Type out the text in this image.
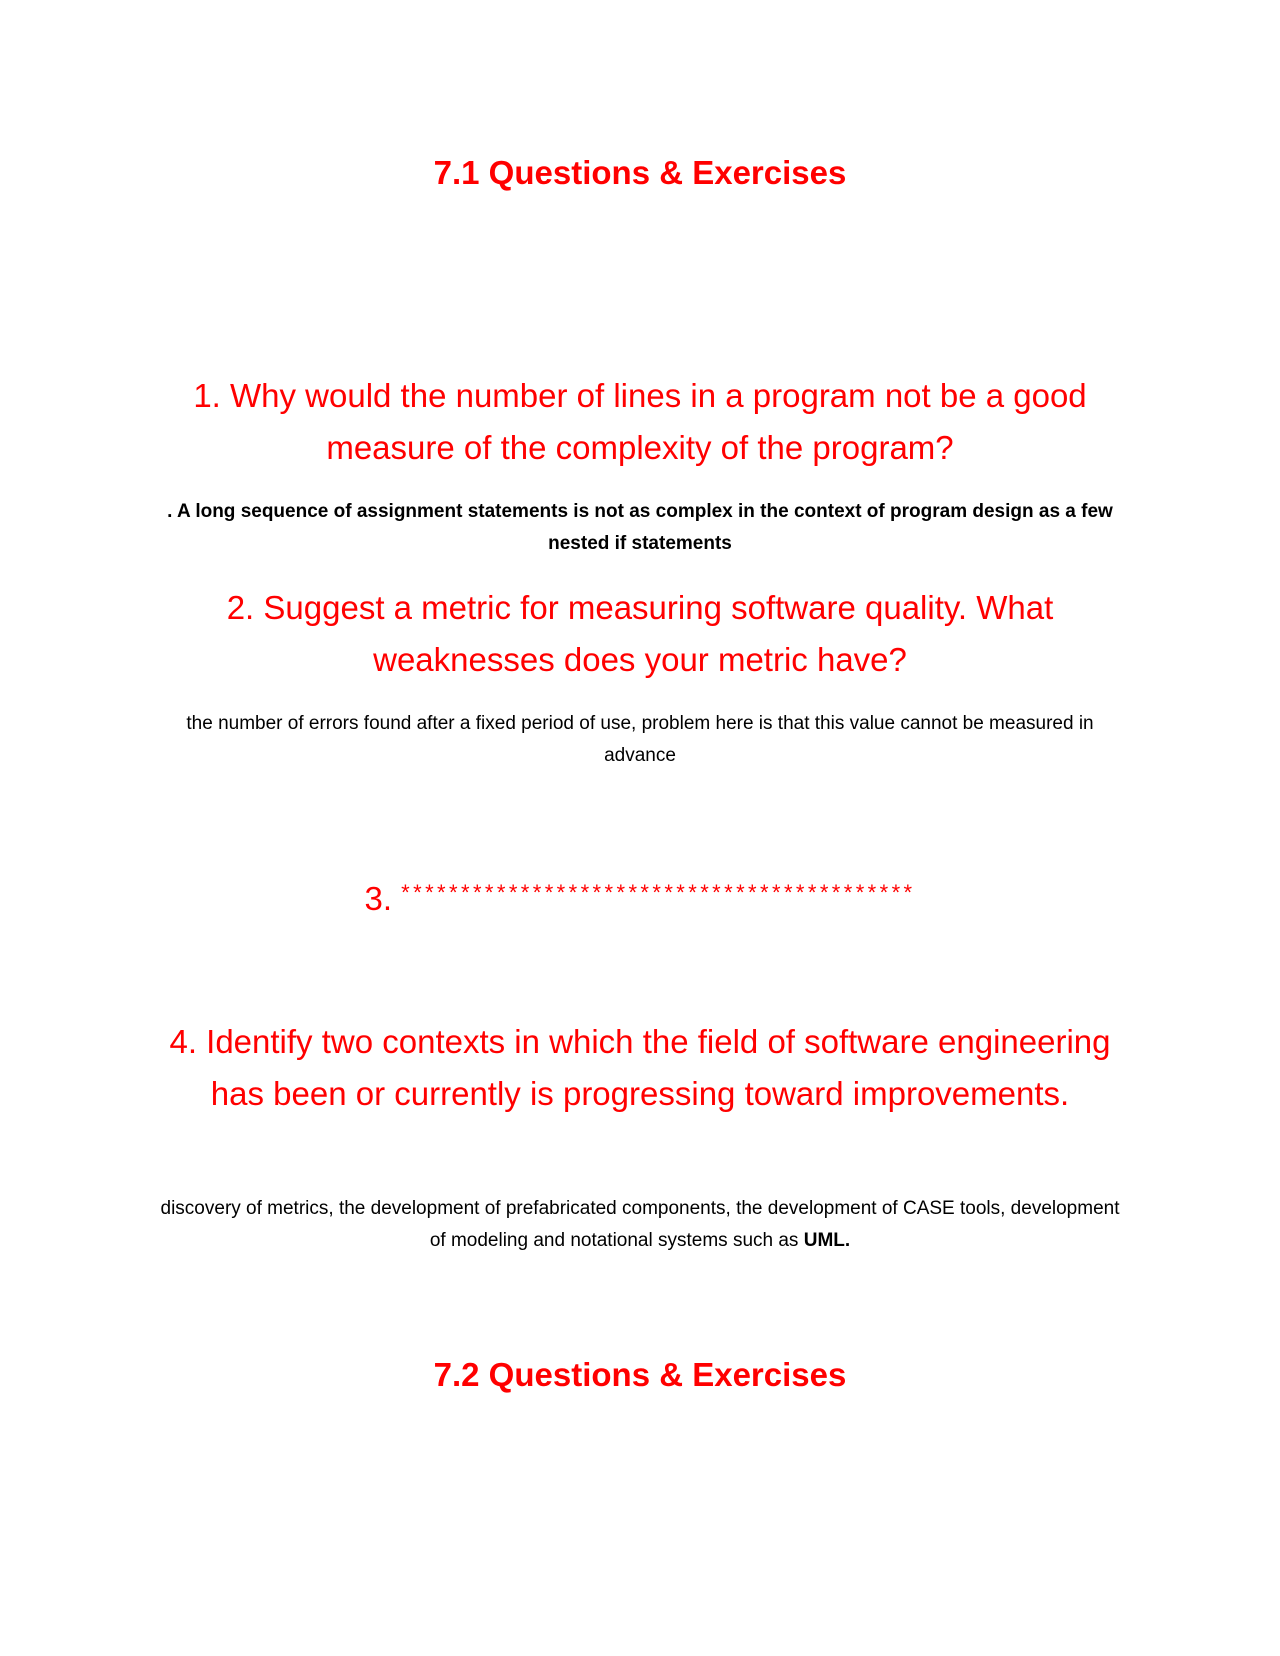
7.1 Questions & Exercises
1. Why would the number of lines in a program not be a good measure of the complexity of the program?

. A long sequence of assignment statements is not as complex in the context of program design as a few nested if statements

2. Suggest a metric for measuring software quality. What weaknesses does your metric have?

the number of errors found after a fixed period of use, problem here is that this value cannot be measured in advance

3. *******************************************
4. Identify two contexts in which the field of software engineering has been or currently is progressing toward improvements.

discovery of metrics, the development of prefabricated components, the development of CASE tools, development of modeling and notational systems such as UML.

7.2 Questions & Exercises
